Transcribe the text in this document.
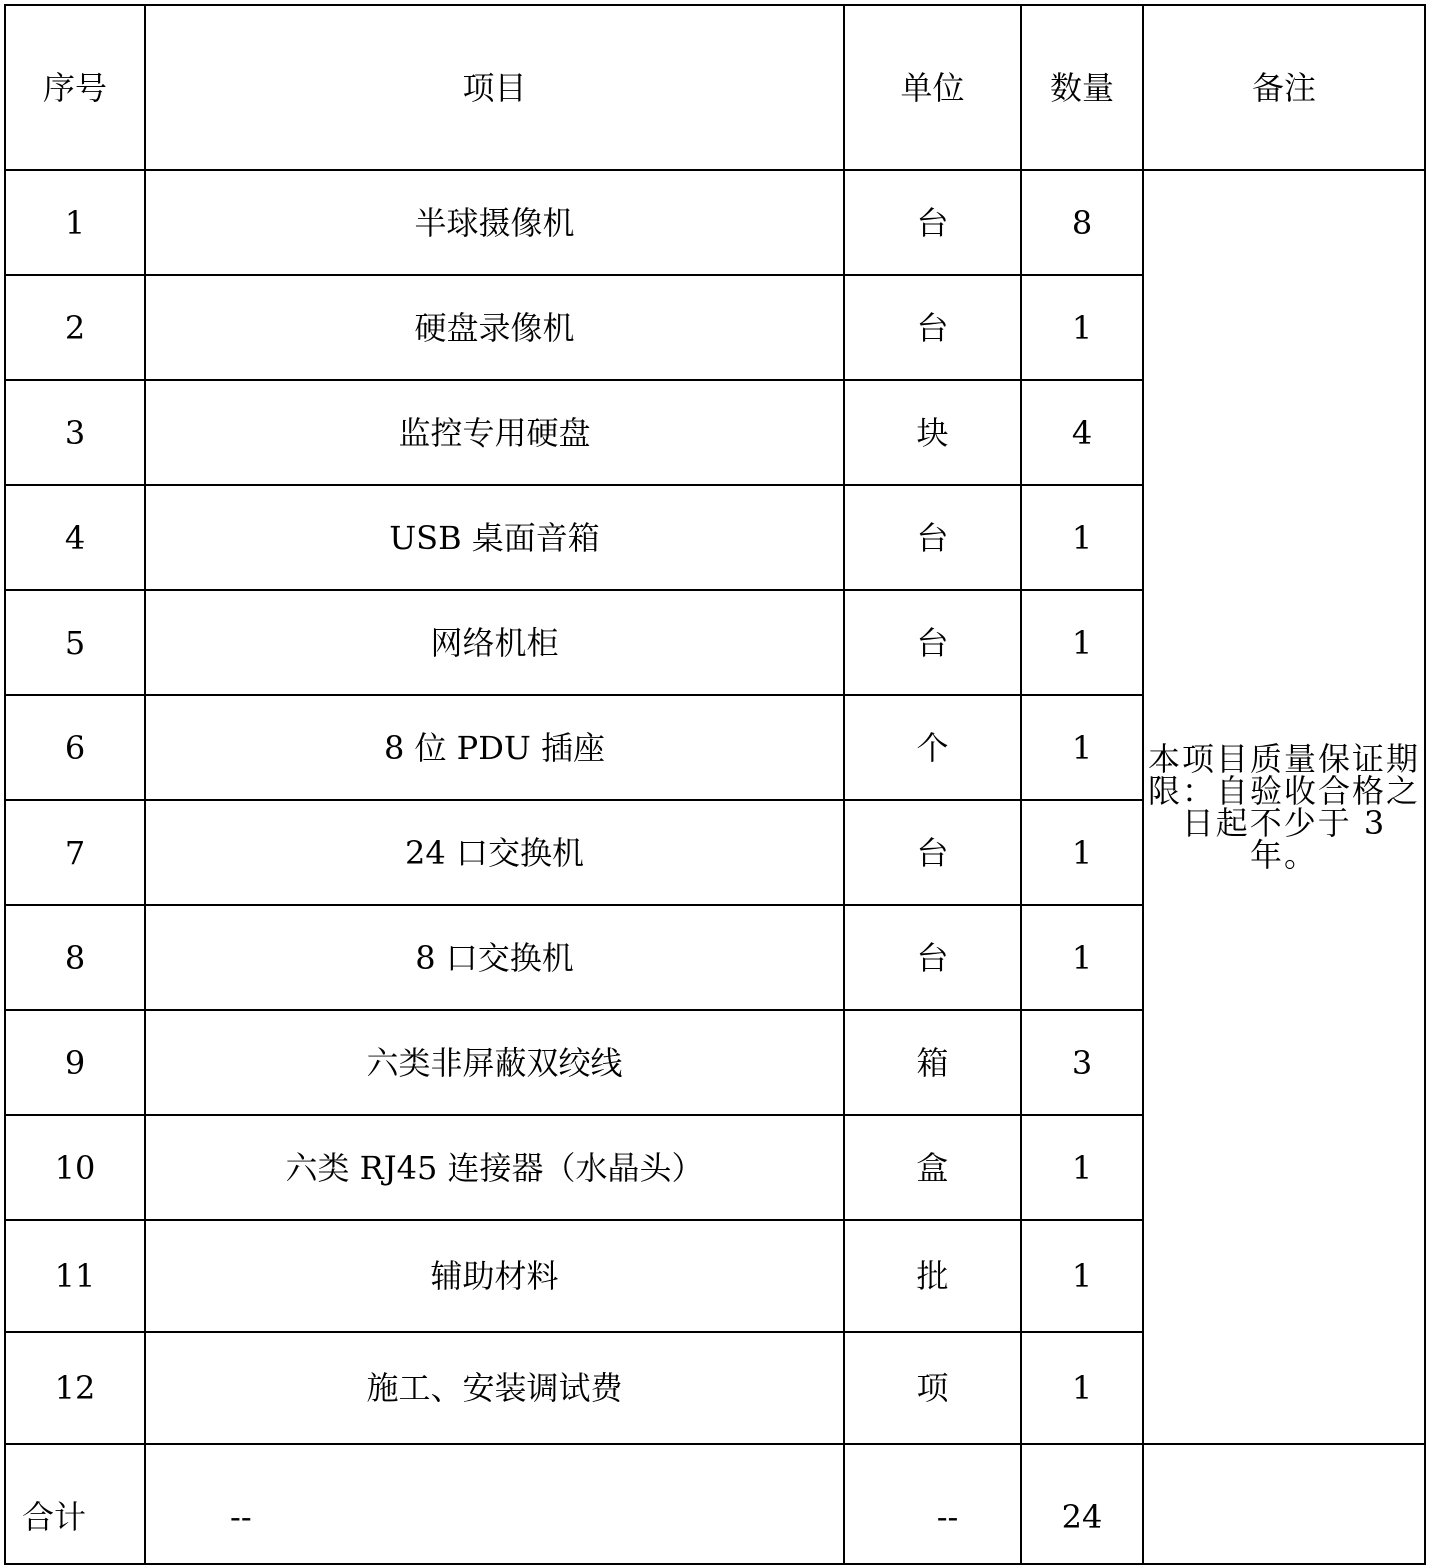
序号	项目	单位	数量	备注
1	半球摄像机	台	8	本项目质量保证期限：自验收合格之日起不少于 3 年。
2	硬盘录像机	台	1	
3	监控专用硬盘	块	4	
4	USB 桌面音箱	台	1	
5	网络机柜	台	1	
6	8 位 PDU 插座	个	1	
7	24 口交换机	台	1	
8	8 口交换机	台	1	
9	六类非屏蔽双绞线	箱	3	
10	六类 RJ45 连接器（水晶头）	盒	1	
11	辅助材料	批	1	
12	施工、安装调试费	项	1	
合计	--	--	24	
